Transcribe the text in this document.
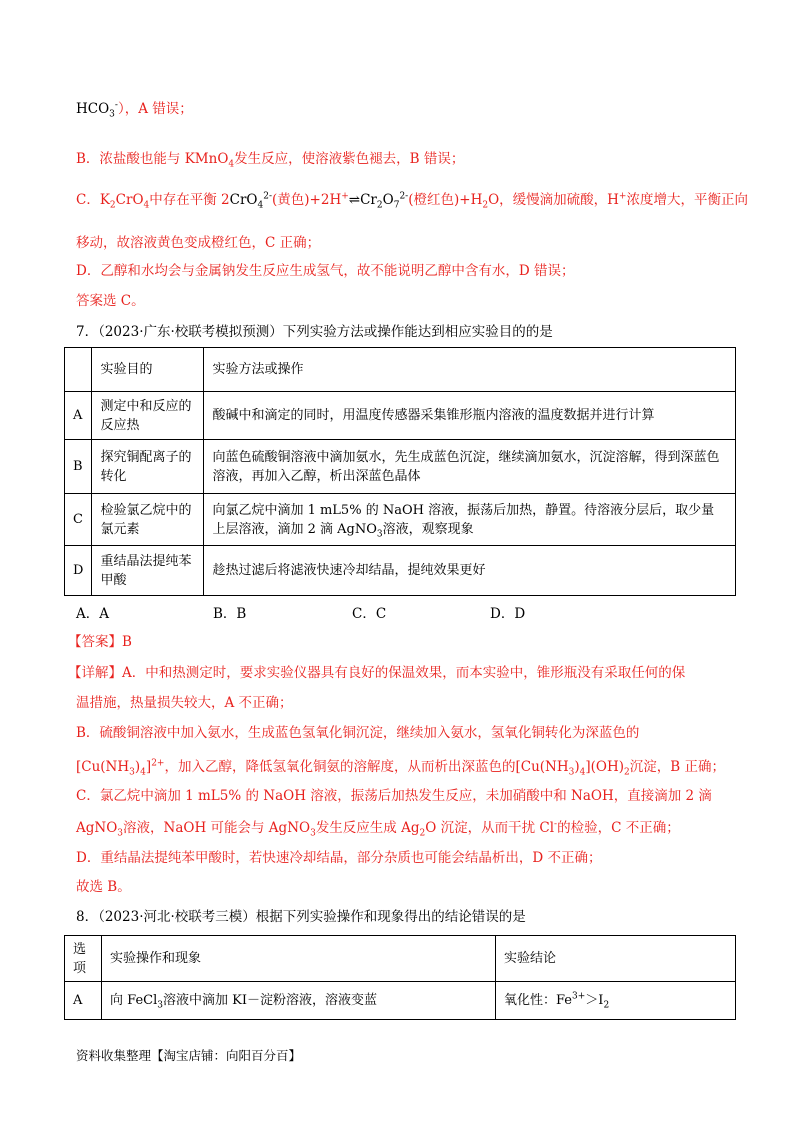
$HCO_3^-$），A 错误；
B．浓盐酸也能与 KMnO$_4$发生反应，使溶液紫色褪去，B 错误；
C．$K_2CrO_4$中存在平衡 2CrO$_4^{2-}$(黄色)$+2H^+\rightleftharpoons Cr_2O_7^{2-}$(橙红色)$+H_2O$，缓慢滴加硫酸，H+浓度增大，平衡正向
移动，故溶液黄色变成橙红色，C 正确；
D．乙醇和水均会与金属钠发生反应生成氢气，故不能说明乙醇中含有水，D 错误；
答案选 C。
7．（2023·广东·校联考模拟预测）下列实验方法或操作能达到相应实验目的的是
	实验目的	实验方法或操作
A	测定中和反应的反应热	酸碱中和滴定的同时，用温度传感器采集锥形瓶内溶液的温度数据并进行计算
B	探究铜配离子的转化	向蓝色硫酸铜溶液中滴加氨水，先生成蓝色沉淀，继续滴加氨水，沉淀溶解，得到深蓝色溶液，再加入乙醇，析出深蓝色晶体
C	检验氯乙烷中的氯元素	向氯乙烷中滴加 1 mL5% 的 NaOH 溶液，振荡后加热，静置。待溶液分层后，取少量上层溶液，滴加 2 滴 AgNO$_3$溶液，观察现象
D	重结晶法提纯苯甲酸	趁热过滤后将滤液快速冷却结晶，提纯效果更好
A．A	B．B	C．C	D．D
【答案】B
【详解】A．中和热测定时，要求实验仪器具有良好的保温效果，而本实验中，锥形瓶没有采取任何的保
温措施，热量损失较大，A 不正确；
B．硫酸铜溶液中加入氨水，生成蓝色氢氧化铜沉淀，继续加入氨水，氢氧化铜转化为深蓝色的
$[Cu(NH_3)_4]^{2+}$，加入乙醇，降低氢氧化铜氨的溶解度，从而析出深蓝色的$[Cu(NH_3)_4](OH)_2$沉淀，B 正确；
C．氯乙烷中滴加 1 mL5% 的 NaOH 溶液，振荡后加热发生反应，未加硝酸中和 NaOH，直接滴加 2 滴
AgNO$_3$溶液，NaOH 可能会与 AgNO$_3$发生反应生成 $Ag_2O$ 沉淀，从而干扰 Cl-的检验，C 不正确；
D．重结晶法提纯苯甲酸时，若快速冷却结晶，部分杂质也可能会结晶析出，D 不正确；
故选 B。
8．（2023·河北·校联考三模）根据下列实验操作和现象得出的结论错误的是
选项	实验操作和现象	实验结论
A	向 FeCl$_3$溶液中滴加 KI－淀粉溶液，溶液变蓝	氧化性：$Fe^{3+}>I_2$
资料收集整理【淘宝店铺：向阳百分百】
